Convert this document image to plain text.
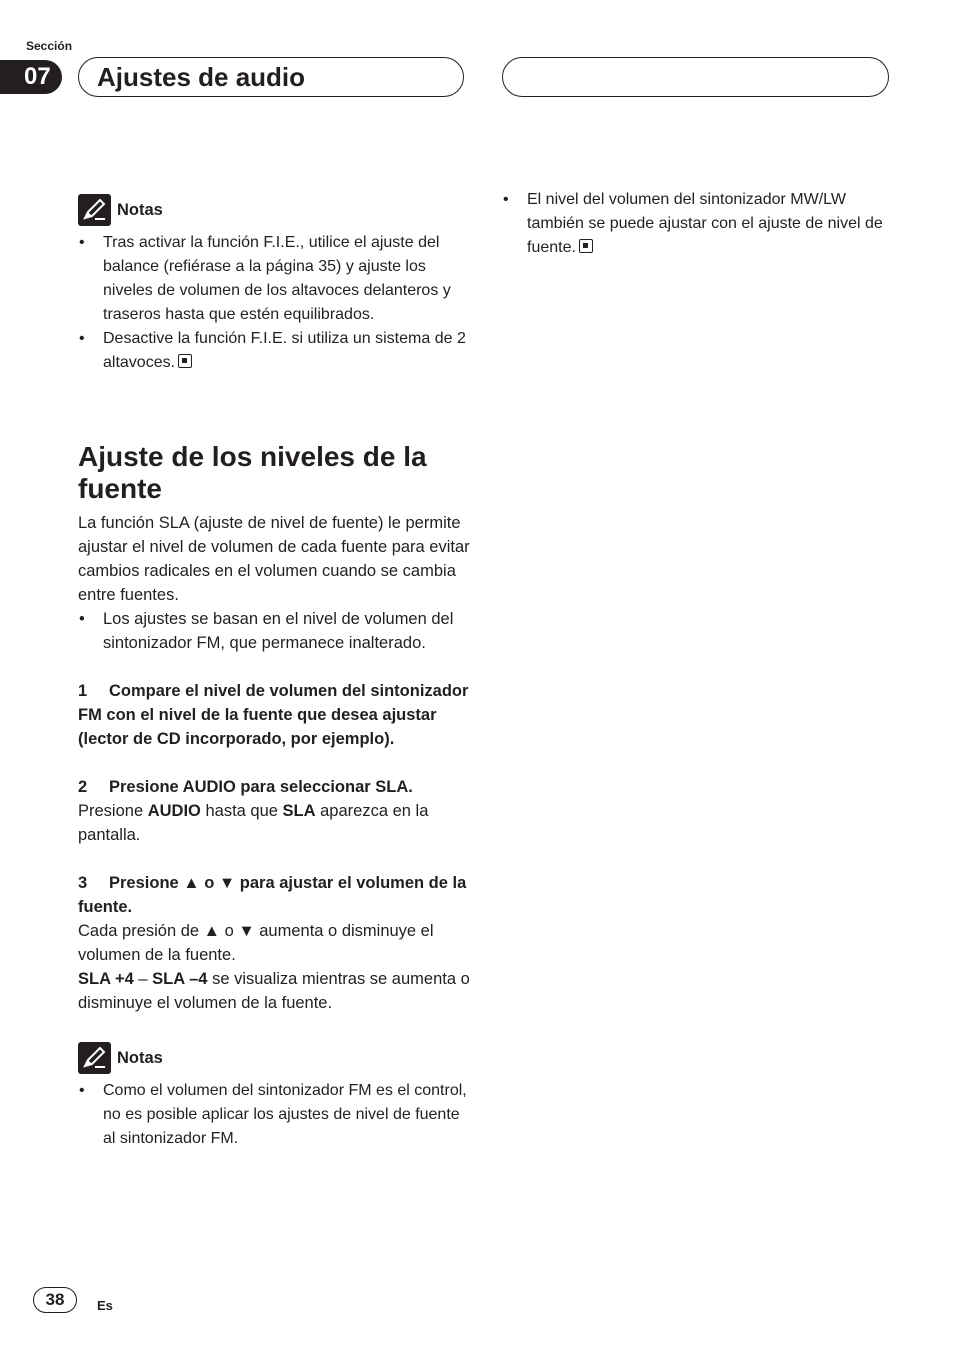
Sección
07	Ajustes de audio
Notas
• Tras activar la función F.I.E., utilice el ajuste del balance (refiérase a la página 35) y ajuste los niveles de volumen de los altavoces delanteros y traseros hasta que estén equilibrados.
• Desactive la función F.I.E. si utiliza un sistema de 2 altavoces.
Ajuste de los niveles de la fuente
La función SLA (ajuste de nivel de fuente) le permite ajustar el nivel de volumen de cada fuente para evitar cambios radicales en el volumen cuando se cambia entre fuentes.
• Los ajustes se basan en el nivel de volumen del sintonizador FM, que permanece inalterado.
1 Compare el nivel de volumen del sintonizador FM con el nivel de la fuente que desea ajustar (lector de CD incorporado, por ejemplo).
2 Presione AUDIO para seleccionar SLA.
Presione AUDIO hasta que SLA aparezca en la pantalla.
3 Presione ▲ o ▼ para ajustar el volumen de la fuente.
Cada presión de ▲ o ▼ aumenta o disminuye el volumen de la fuente.
SLA +4 – SLA –4 se visualiza mientras se aumenta o disminuye el volumen de la fuente.
Notas
• Como el volumen del sintonizador FM es el control, no es posible aplicar los ajustes de nivel de fuente al sintonizador FM.
• El nivel del volumen del sintonizador MW/LW también se puede ajustar con el ajuste de nivel de fuente.
38	Es
